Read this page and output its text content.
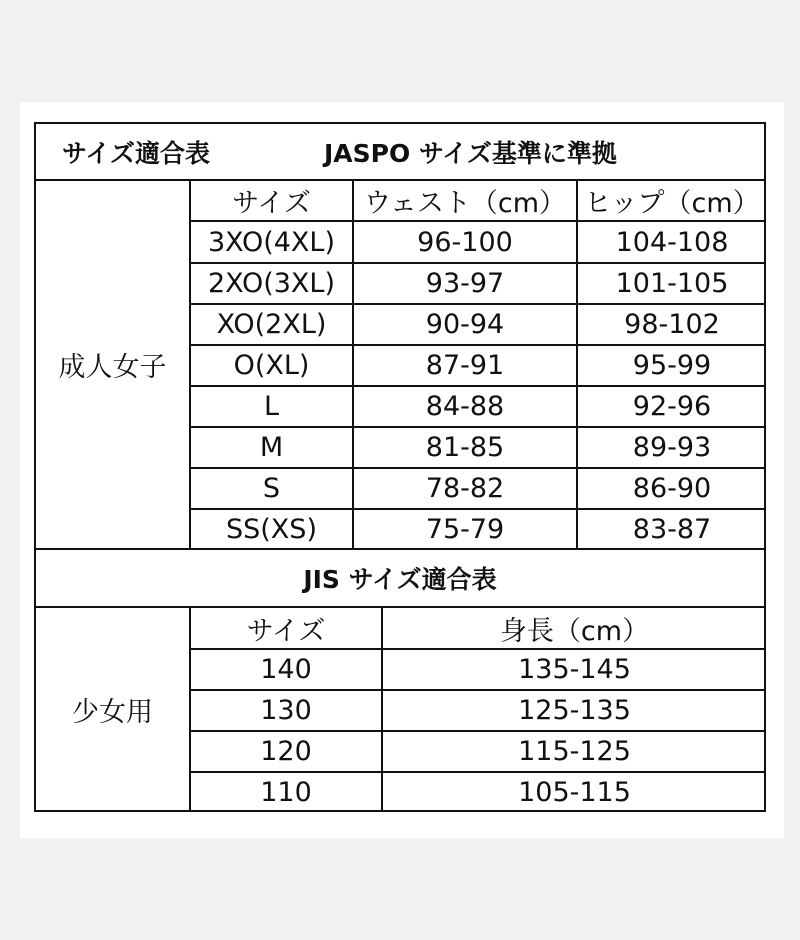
サイズ適合表	JASPO サイズ基準に準拠
成人女子
サイズ	ウェスト（cm） ヒップ（cm）
3XO(4XL)	96-100	104-108
2XO(3XL)	93-97	101-105
XO(2XL)	90-94	98-102
O(XL)	87-91	95-99
L	84-88	92-96
M	81-85	89-93
S	78-82	86-90
SS(XS)	75-79	83-87
JIS サイズ適合表
少女用
サイズ	身長（cm）
140	135-145
130	125-135
120	115-125
110	105-115
